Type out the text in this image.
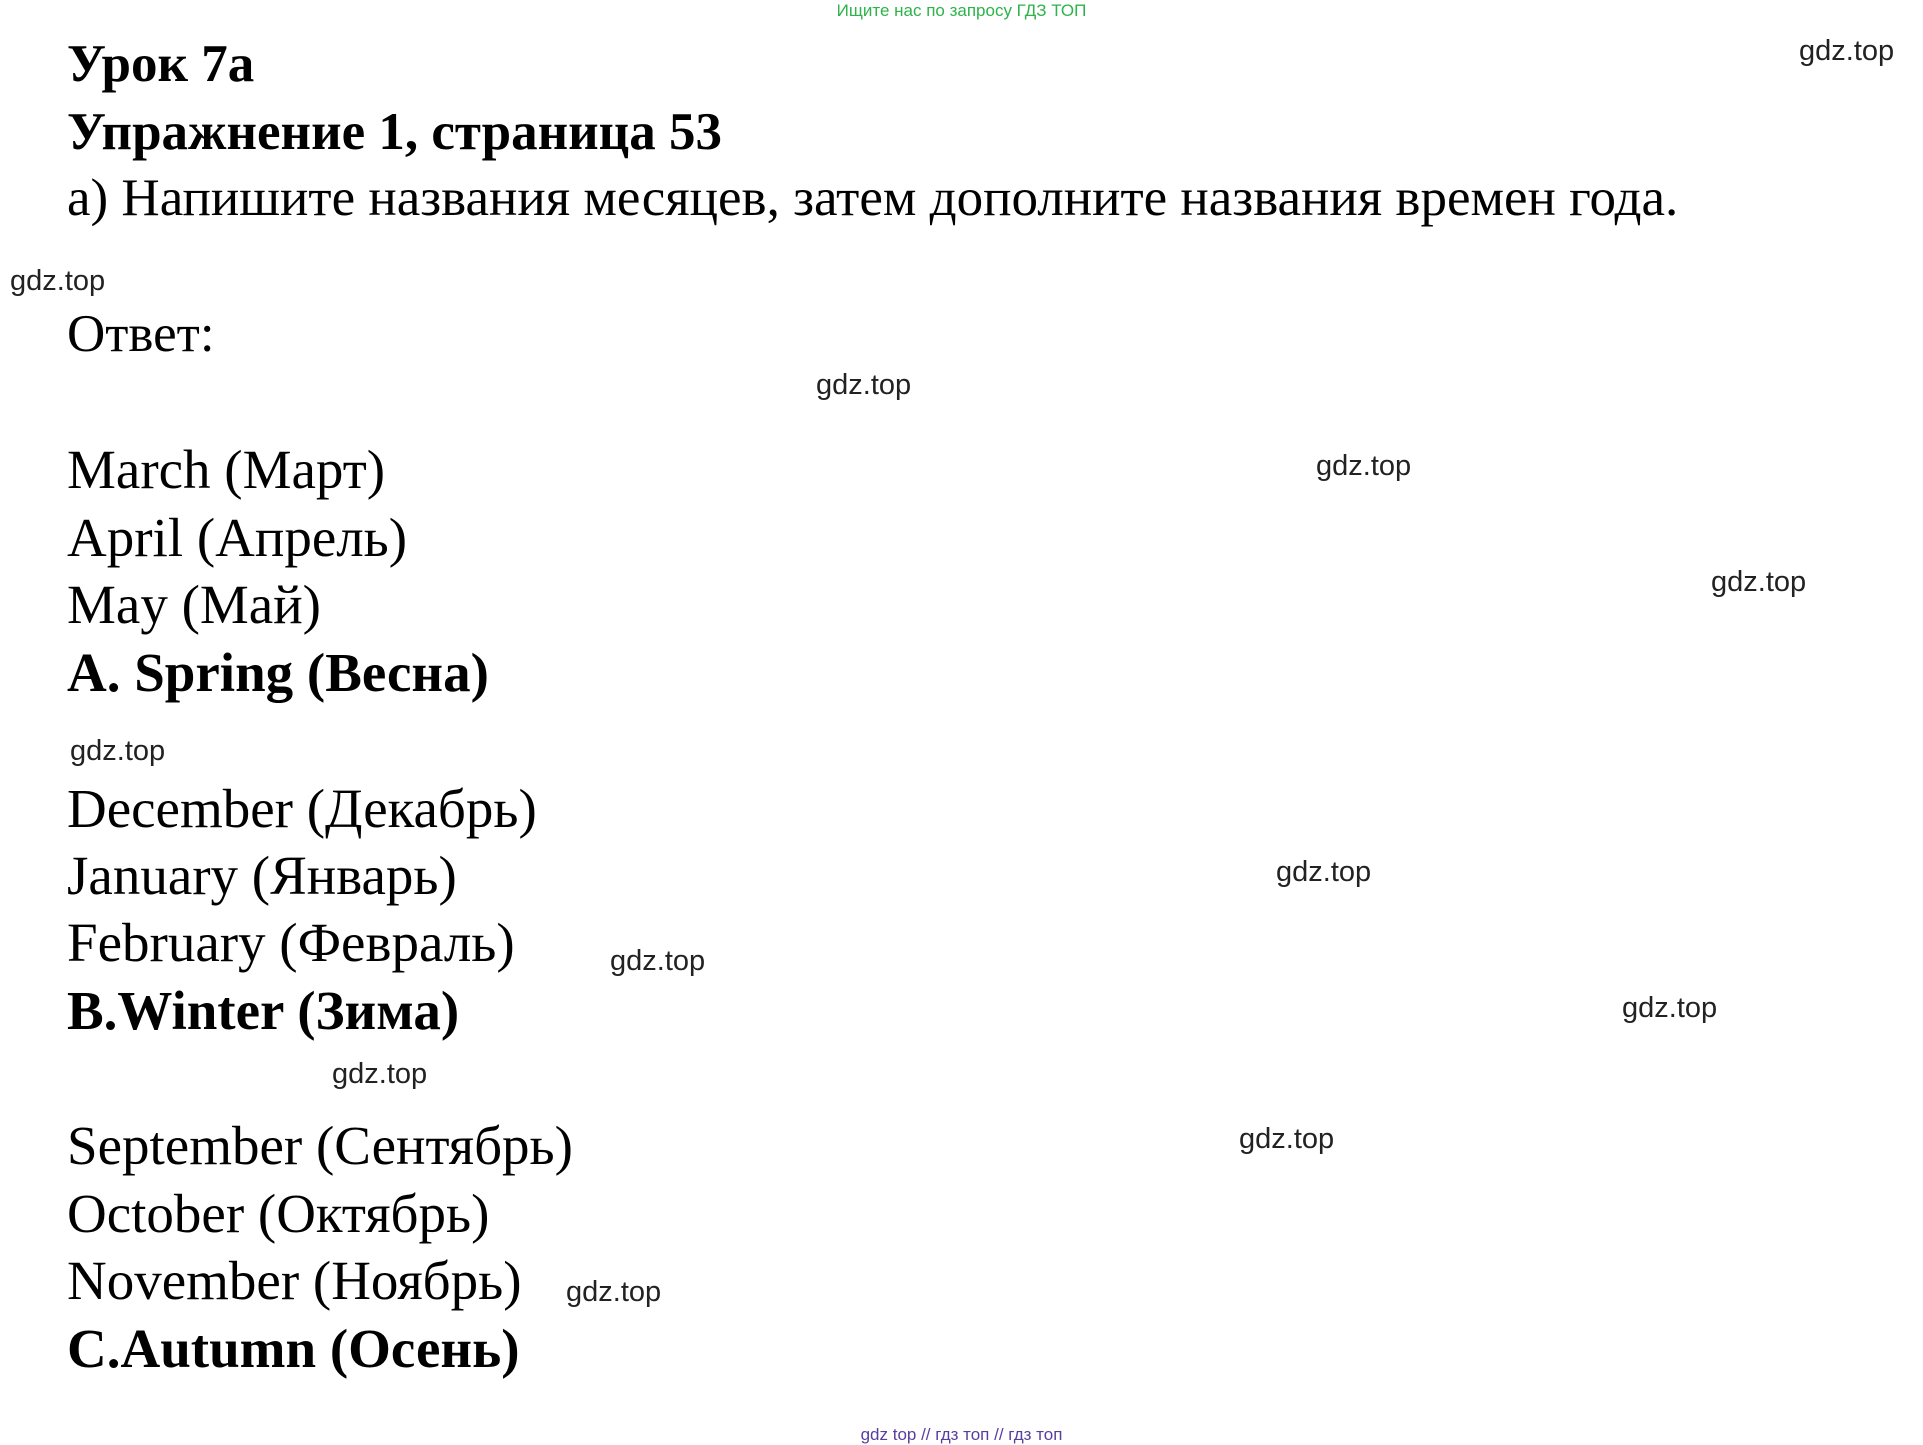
Ищите нас по запросу ГДЗ ТОП
Урок 7a
Упражнение 1, страница 53
a) Напишите названия месяцев, затем дополните названия времен года.
Ответ:
March (Март)
April (Апрель)
May (Май)
A. Spring (Весна)
December (Декабрь)
January (Январь)
February (Февраль)
B.Winter (Зима)
September (Сентябрь)
October (Октябрь)
November (Ноябрь)
C.Autumn (Осень)
gdz.top
gdz.top
gdz.top
gdz.top
gdz.top
gdz.top
gdz.top
gdz.top
gdz.top
gdz.top
gdz.top
gdz.top
gdz top // гдз топ // гдз топ
